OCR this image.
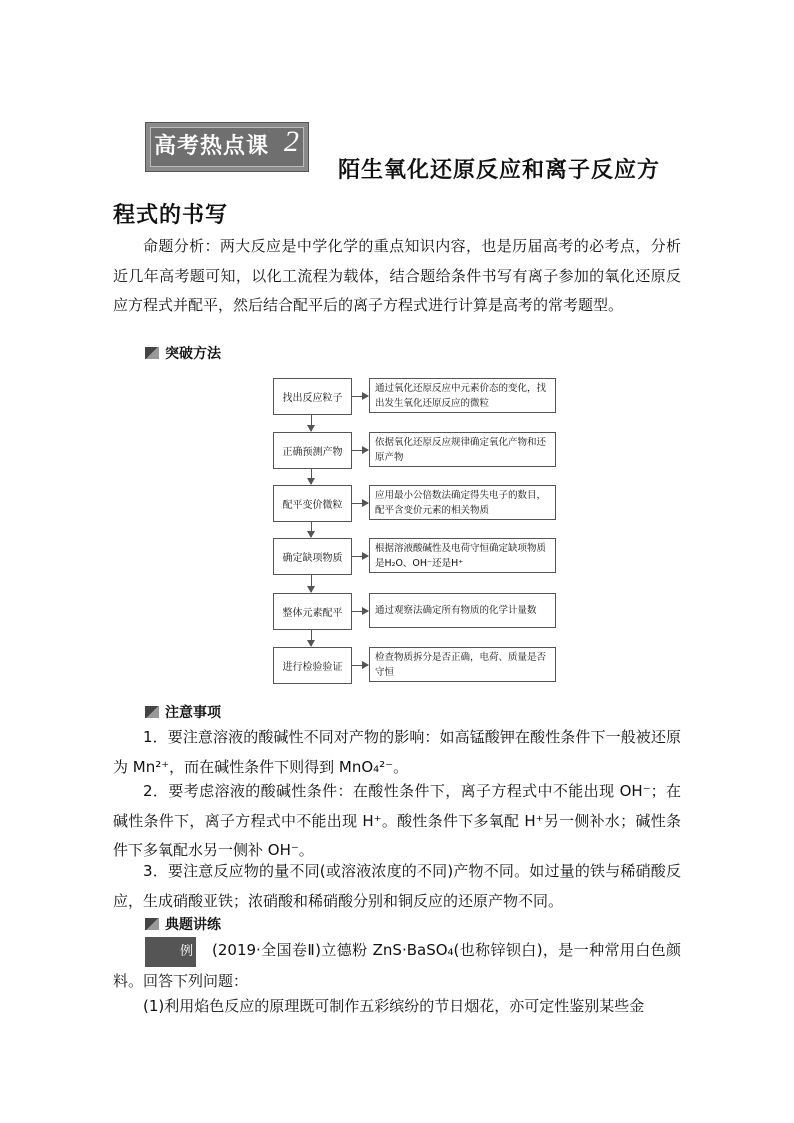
高考热点课 2
陌生氧化还原反应和离子反应方
程式的书写
命题分析：两大反应是中学化学的重点知识内容，也是历届高考的必考点，分析近几年高考题可知，以化工流程为载体，结合题给条件书写有离子参加的氧化还原反应方程式并配平，然后结合配平后的离子方程式进行计算是高考的常考题型。
突破方法
找出反应粒子
通过氧化还原反应中元素价态的变化，找出发生氧化还原反应的微粒
正确预测产物
依据氧化还原反应规律确定氧化产物和还原产物
配平变价微粒
应用最小公倍数法确定得失电子的数目，配平含变价元素的相关物质
确定缺项物质
根据溶液酸碱性及电荷守恒确定缺项物质是H₂O、OH⁻还是H⁺
整体元素配平	通过观察法确定所有物质的化学计量数
进行检验验证
检查物质拆分是否正确，电荷、质量是否守恒
注意事项
1．要注意溶液的酸碱性不同对产物的影响：如高锰酸钾在酸性条件下一般被还原为 Mn²⁺，而在碱性条件下则得到 MnO₄²⁻。
2．要考虑溶液的酸碱性条件：在酸性条件下，离子方程式中不能出现 OH⁻；在碱性条件下，离子方程式中不能出现 H⁺。酸性条件下多氧配 H⁺另一侧补水；碱性条件下多氧配水另一侧补 OH⁻。
3．要注意反应物的量不同(或溶液浓度的不同)产物不同。如过量的铁与稀硝酸反应，生成硝酸亚铁；浓硝酸和稀硝酸分别和铜反应的还原产物不同。
典题讲练
例 (2019·全国卷Ⅱ)立德粉 ZnS·BaSO₄(也称锌钡白)，是一种常用白色颜料。回答下列问题：
(1)利用焰色反应的原理既可制作五彩缤纷的节日烟花，亦可定性鉴别某些金
